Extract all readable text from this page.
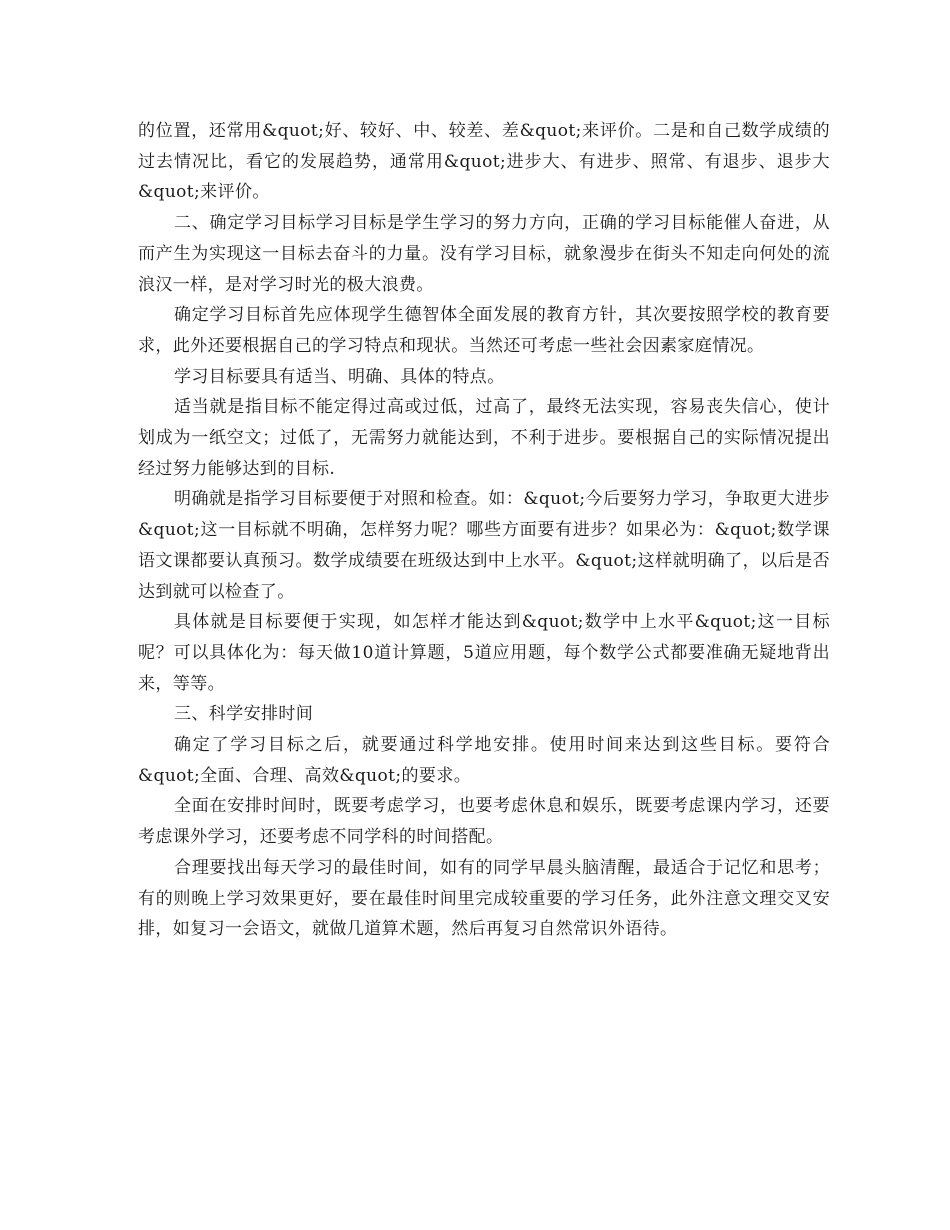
的位置，还常用&quot;好、较好、中、较差、差&quot;来评价。二是和自己数学成绩的过去情况比，看它的发展趋势，通常用&quot;进步大、有进步、照常、有退步、退步大&quot;来评价。

二、确定学习目标学习目标是学生学习的努力方向，正确的学习目标能催人奋进，从而产生为实现这一目标去奋斗的力量。没有学习目标，就象漫步在街头不知走向何处的流浪汉一样，是对学习时光的极大浪费。

确定学习目标首先应体现学生德智体全面发展的教育方针，其次要按照学校的教育要求，此外还要根据自己的学习特点和现状。当然还可考虑一些社会因素家庭情况。

学习目标要具有适当、明确、具体的特点。

适当就是指目标不能定得过高或过低，过高了，最终无法实现，容易丧失信心，使计划成为一纸空文；过低了，无需努力就能达到，不利于进步。要根据自己的实际情况提出经过努力能够达到的目标.

明确就是指学习目标要便于对照和检查。如：&quot;今后要努力学习，争取更大进步&quot;这一目标就不明确，怎样努力呢？哪些方面要有进步？如果必为：&quot;数学课语文课都要认真预习。数学成绩要在班级达到中上水平。&quot;这样就明确了，以后是否达到就可以检查了。

具体就是目标要便于实现，如怎样才能达到&quot;数学中上水平&quot;这一目标呢？可以具体化为：每天做10道计算题，5道应用题，每个数学公式都要准确无疑地背出来，等等。

三、科学安排时间

确定了学习目标之后，就要通过科学地安排。使用时间来达到这些目标。要符合&quot;全面、合理、高效&quot;的要求。

全面在安排时间时，既要考虑学习，也要考虑休息和娱乐，既要考虑课内学习，还要考虑课外学习，还要考虑不同学科的时间搭配。

合理要找出每天学习的最佳时间，如有的同学早晨头脑清醒，最适合于记忆和思考；有的则晚上学习效果更好，要在最佳时间里完成较重要的学习任务，此外注意文理交叉安排，如复习一会语文，就做几道算术题，然后再复习自然常识外语待。
